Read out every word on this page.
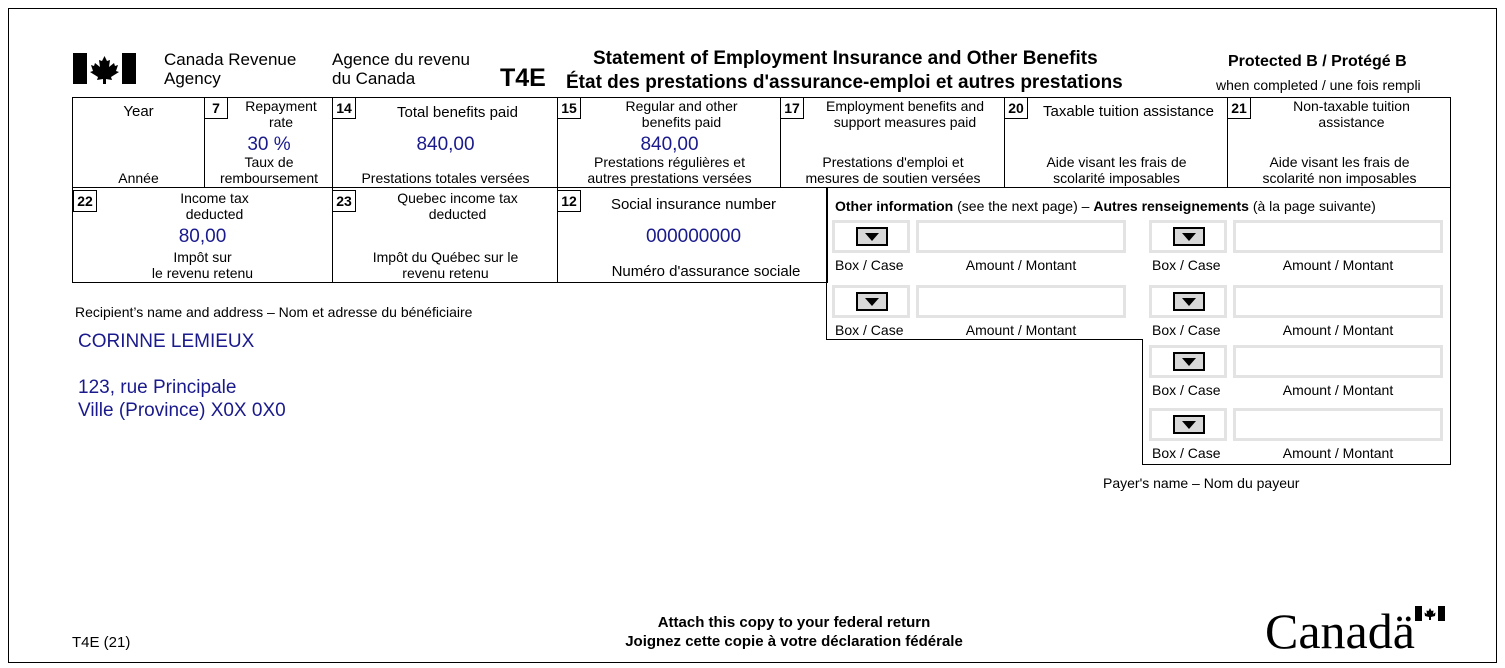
Canada Revenue
Agency
Agence du revenu
du Canada	T4E
Statement of Employment Insurance and Other Benefits
État des prestations d'assurance-emploi et autres prestations
Protected B / Protégé B
when completed / une fois rempli
Year
Année
7	Repayment
rate
30 %
Taux de
remboursement
14	Total benefits paid
840,00
Prestations totales versées
15	Regular and other
benefits paid
840,00
Prestations régulières et
autres prestations versées
17	Employment benefits and
support measures paid
Prestations d'emploi et
mesures de soutien versées
20	Taxable tuition assistance
Aide visant les frais de
scolarité imposables
21	Non-taxable tuition
assistance
Aide visant les frais de
scolarité non imposables
22	Income tax
deducted
80,00
Impôt sur
le revenu retenu
23	Quebec income tax
deducted
Impôt du Québec sur le
revenu retenu
12	Social insurance number
000000000
Numéro d'assurance sociale
Other information (see the next page) – Autres renseignements (à la page suivante)
Box / Case	Amount / Montant	Box / Case	Amount / Montant
Box / Case	Amount / Montant	Box / Case	Amount / Montant
Box / Case	Amount / Montant
Box / Case	Amount / Montant
Recipient’s name and address – Nom et adresse du bénéficiaire
CORINNE LEMIEUX
123, rue Principale
Ville (Province) X0X 0X0
Payer's name – Nom du payeur
T4E (21)
Attach this copy to your federal return
Joignez cette copie à votre déclaration fédérale	Canadä
